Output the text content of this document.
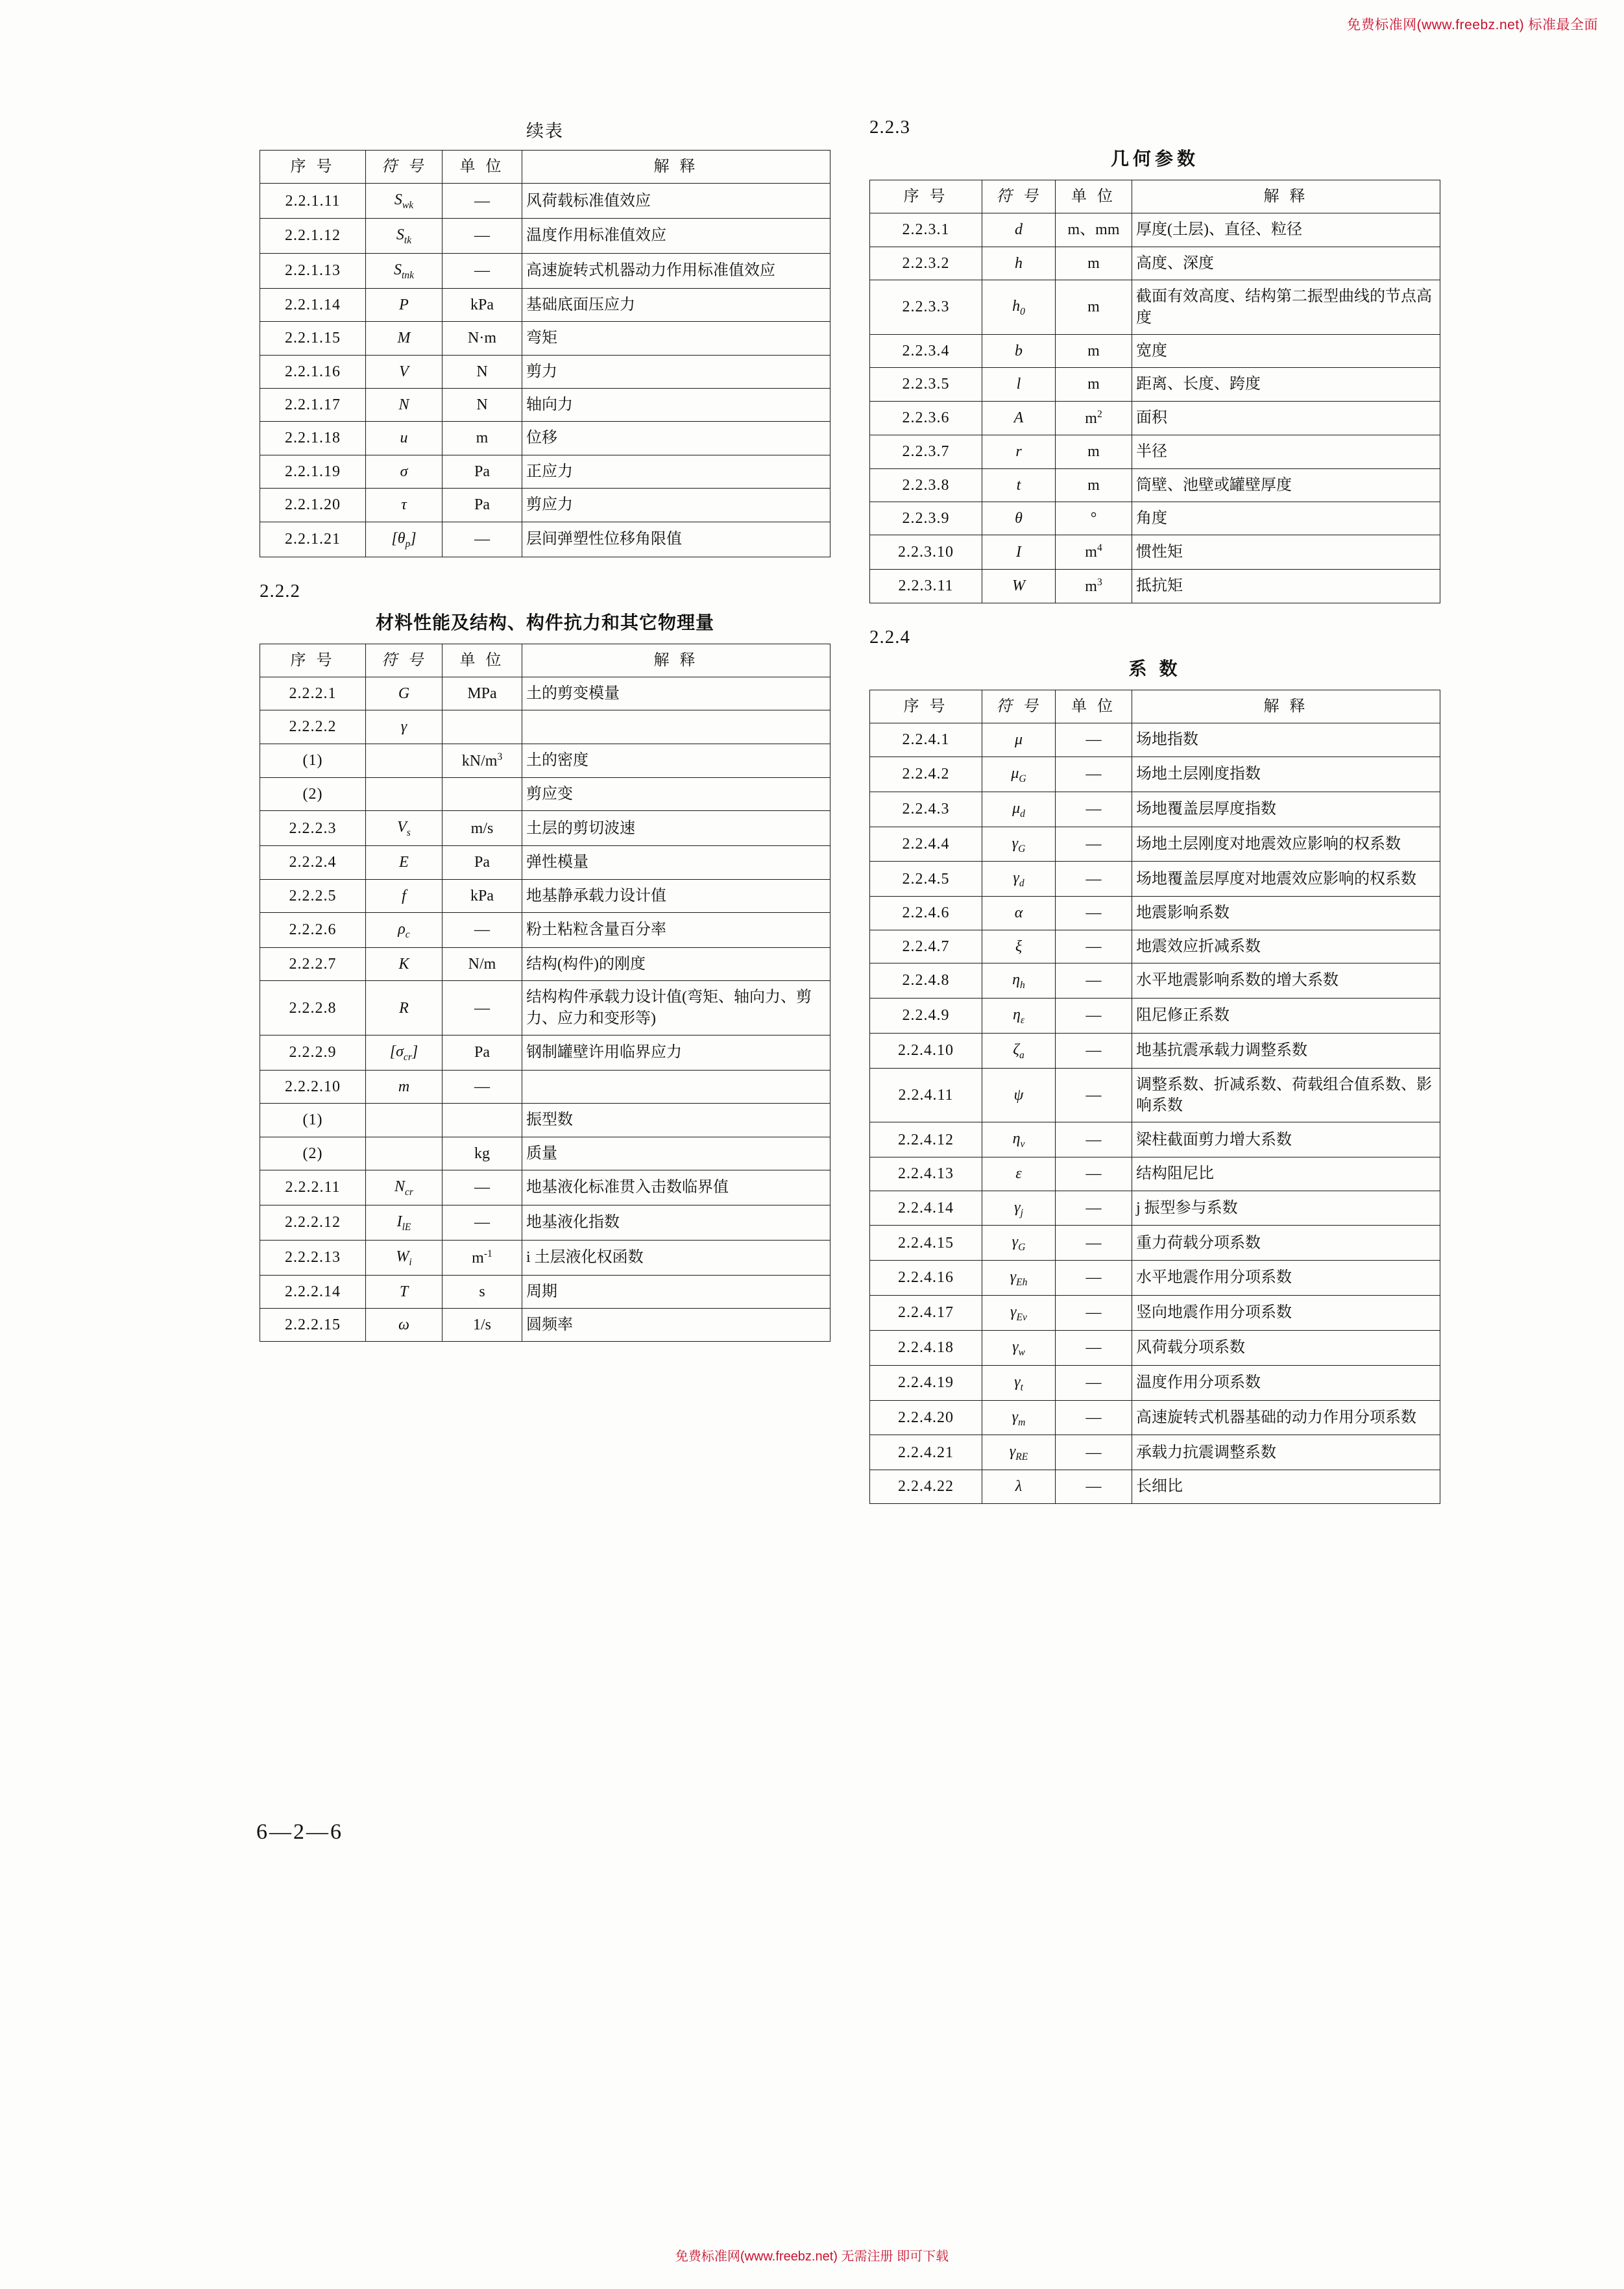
免费标准网(www.freebz.net) 标准最全面
续表
序 号	符 号	单 位	解 释
2.2.1.11	$S_{wk}$	—	风荷载标准值效应
2.2.1.12	$S_{tk}$	—	温度作用标准值效应
2.2.1.13	$S_{tnk}$	—	高速旋转式机器动力作用标准值效应
2.2.1.14	P	kPa	基础底面压应力
2.2.1.15	M	N·m	弯矩
2.2.1.16	V	N	剪力
2.2.1.17	N	N	轴向力
2.2.1.18	u	m	位移
2.2.1.19	σ	Pa	正应力
2.2.1.20	τ	Pa	剪应力
2.2.1.21	$[\theta_p]$	—	层间弹塑性位移角限值
2.2.2
材料性能及结构、构件抗力和其它物理量
序 号	符 号	单 位	解 释
2.2.2.1	G	MPa	土的剪变模量
2.2.2.2	γ		
(1)		$kN/m^3$	土的密度
(2)			剪应变
2.2.2.3	$V_s$	m/s	土层的剪切波速
2.2.2.4	E	Pa	弹性模量
2.2.2.5	f	kPa	地基静承载力设计值
2.2.2.6	$\rho_c$	—	粉土粘粒含量百分率
2.2.2.7	K	N/m	结构(构件)的刚度
2.2.2.8	R	—	结构构件承载力设计值(弯矩、轴向力、剪力、应力和变形等)
2.2.2.9	$[\sigma_{cr}]$	Pa	钢制罐壁许用临界应力
2.2.2.10	m	—	
(1)			振型数
(2)		kg	质量
2.2.2.11	$N_{cr}$	—	地基液化标准贯入击数临界值
2.2.2.12	$I_{lE}$	—	地基液化指数
2.2.2.13	$W_i$	$m^{-1}$	i 土层液化权函数
2.2.2.14	T	s	周期
2.2.2.15	ω	1/s	圆频率
2.2.3
几何参数
序 号	符 号	单 位	解 释
2.2.3.1	d	m、mm	厚度(土层)、直径、粒径
2.2.3.2	h	m	高度、深度
2.2.3.3	$h_0$	m	截面有效高度、结构第二振型曲线的节点高度
2.2.3.4	b	m	宽度
2.2.3.5	l	m	距离、长度、跨度
2.2.3.6	A	$m^2$	面积
2.2.3.7	r	m	半径
2.2.3.8	t	m	筒壁、池壁或罐壁厚度
2.2.3.9	θ	°	角度
2.2.3.10	I	$m^4$	惯性矩
2.2.3.11	W	$m^3$	抵抗矩
2.2.4
系 数
序 号	符 号	单 位	解 释
2.2.4.1	μ	—	场地指数
2.2.4.2	$\mu_G$	—	场地土层刚度指数
2.2.4.3	$\mu_d$	—	场地覆盖层厚度指数
2.2.4.4	$\gamma_G$	—	场地土层刚度对地震效应影响的权系数
2.2.4.5	$\gamma_d$	—	场地覆盖层厚度对地震效应影响的权系数
2.2.4.6	α	—	地震影响系数
2.2.4.7	ξ	—	地震效应折减系数
2.2.4.8	$\eta_h$	—	水平地震影响系数的增大系数
2.2.4.9	$\eta_\varepsilon$	—	阻尼修正系数
2.2.4.10	$\zeta_a$	—	地基抗震承载力调整系数
2.2.4.11	ψ	—	调整系数、折减系数、荷载组合值系数、影响系数
2.2.4.12	$\eta_v$	—	梁柱截面剪力增大系数
2.2.4.13	ε	—	结构阻尼比
2.2.4.14	$\gamma_j$	—	j 振型参与系数
2.2.4.15	$\gamma_G$	—	重力荷载分项系数
2.2.4.16	$\gamma_{Eh}$	—	水平地震作用分项系数
2.2.4.17	$\gamma_{Ev}$	—	竖向地震作用分项系数
2.2.4.18	$\gamma_w$	—	风荷载分项系数
2.2.4.19	$\gamma_t$	—	温度作用分项系数
2.2.4.20	$\gamma_m$	—	高速旋转式机器基础的动力作用分项系数
2.2.4.21	$\gamma_{RE}$	—	承载力抗震调整系数
2.2.4.22	λ	—	长细比
6—2—6
免费标准网(www.freebz.net) 无需注册 即可下载
